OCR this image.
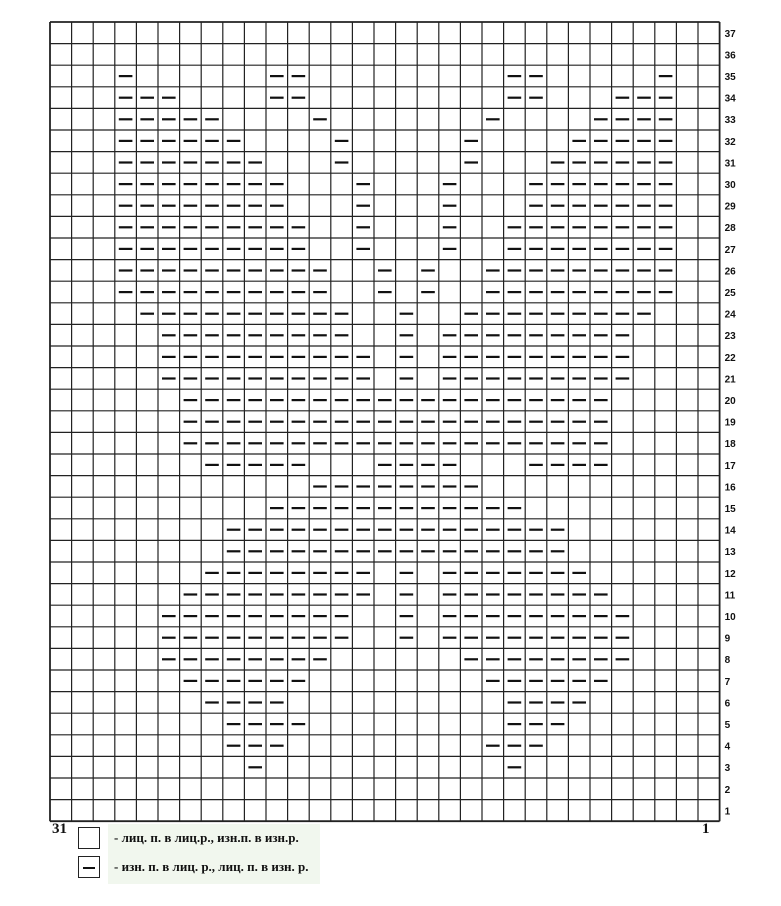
1
2
3
4
5
6
7
8
9
10
11
12
13
14
15
16
17
18
19
20
21
22
23
24
25
26
27
28
29
30
31
32
33
34
35
36
37
31	1
- лиц. п. в лиц.р., изн.п. в изн.р.
- изн. п. в лиц. р., лиц. п. в изн. р.
